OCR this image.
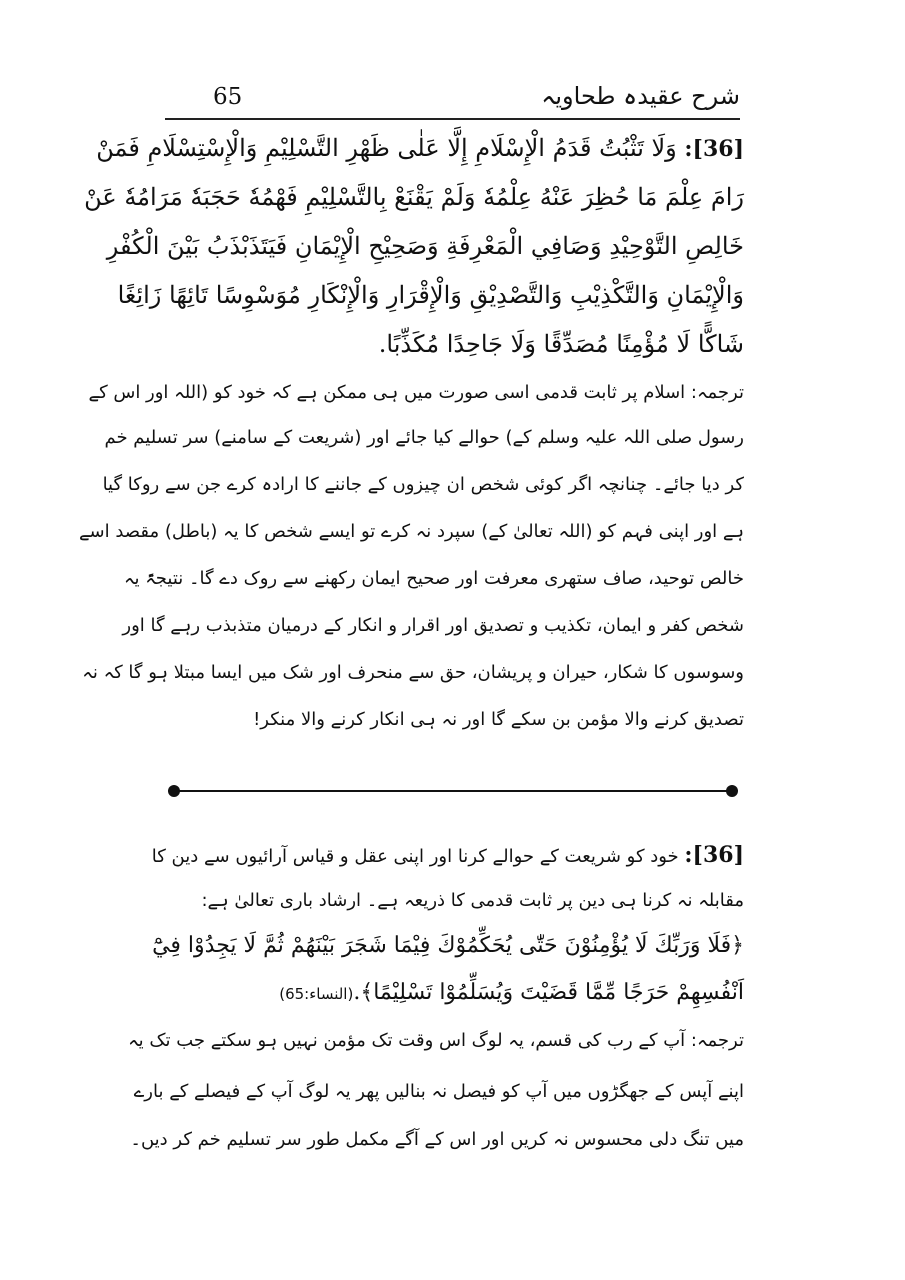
شرح عقیدہ طحاویہ
65
[36]: وَلَا تَثْبُتُ قَدَمُ الْإِسْلَامِ إِلَّا عَلٰى ظَهْرِ التَّسْلِيْمِ وَالْإِسْتِسْلَامِ فَمَنْ
رَامَ عِلْمَ مَا حُظِرَ عَنْهُ عِلْمُهٗ وَلَمْ يَقْنَعْ بِالتَّسْلِيْمِ فَهْمُهٗ حَجَبَهٗ مَرَامُهٗ عَنْ
خَالِصِ التَّوْحِيْدِ وَصَافِي الْمَعْرِفَةِ وَصَحِيْحِ الْإِيْمَانِ فَيَتَذَبْذَبُ بَيْنَ الْكُفْرِ
وَالْإِيْمَانِ وَالتَّكْذِيْبِ وَالتَّصْدِيْقِ وَالْإِقْرَارِ وَالْإِنْكَارِ مُوَسْوِسًا تَائِهًا زَائِغًا
شَاكًّا لَا مُؤْمِنًا مُصَدِّقًا وَلَا جَاحِدًا مُكَذِّبًا.
ترجمہ: اسلام پر ثابت قدمی اسی صورت میں ہی ممکن ہے کہ خود کو (اللہ اور اس کے
رسول صلی اللہ علیہ وسلم کے) حوالے کیا جائے اور (شریعت کے سامنے) سر تسلیم خم
کر دیا جائے۔ چنانچہ اگر کوئی شخص ان چیزوں کے جاننے کا ارادہ کرے جن سے روکا گیا
ہے اور اپنی فہم کو (اللہ تعالیٰ کے) سپرد نہ کرے تو ایسے شخص کا یہ (باطل) مقصد اسے
خالص توحید، صاف ستھری معرفت اور صحیح ایمان رکھنے سے روک دے گا۔ نتیجۃً یہ
شخص کفر و ایمان، تکذیب و تصدیق اور اقرار و انکار کے درمیان متذبذب رہے گا اور
وسوسوں کا شکار، حیران و پریشان، حق سے منحرف اور شک میں ایسا مبتلا ہو گا کہ نہ
تصدیق کرنے والا مؤمن بن سکے گا اور نہ ہی انکار کرنے والا منکر!
[36]: خود کو شریعت کے حوالے کرنا اور اپنی عقل و قیاس آرائیوں سے دین کا
مقابلہ نہ کرنا ہی دین پر ثابت قدمی کا ذریعہ ہے۔ ارشاد باری تعالیٰ ہے:
﴿فَلَا وَرَبِّكَ لَا يُؤْمِنُوْنَ حَتّٰى يُحَكِّمُوْكَ فِيْمَا شَجَرَ بَيْنَهُمْ ثُمَّ لَا يَجِدُوْا فِيْٓ
اَنْفُسِهِمْ حَرَجًا مِّمَّا قَضَيْتَ وَيُسَلِّمُوْا تَسْلِيْمًا﴾.(النساء:65)
ترجمہ: آپ کے رب کی قسم، یہ لوگ اس وقت تک مؤمن نہیں ہو سکتے جب تک یہ
اپنے آپس کے جھگڑوں میں آپ کو فیصل نہ بنالیں پھر یہ لوگ آپ کے فیصلے کے بارے
میں تنگ دلی محسوس نہ کریں اور اس کے آگے مکمل طور سر تسلیم خم کر دیں۔
